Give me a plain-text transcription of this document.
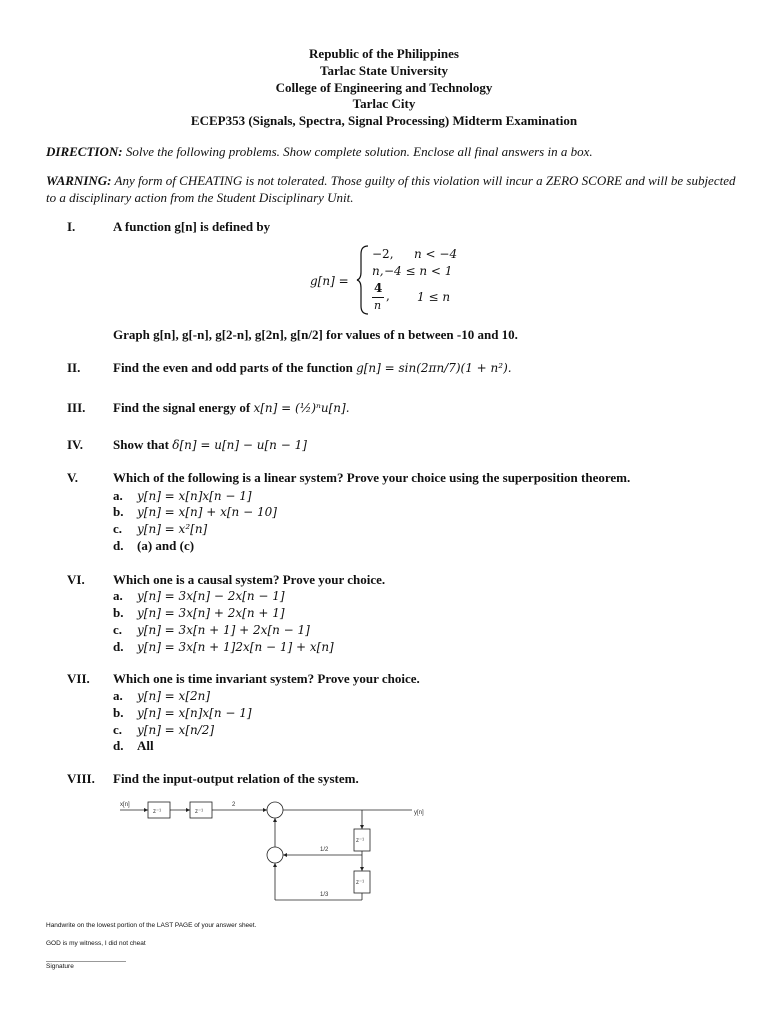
Republic of the Philippines
Tarlac State University
College of Engineering and Technology
Tarlac City
ECEP353 (Signals, Spectra, Signal Processing) Midterm Examination
DIRECTION: Solve the following problems. Show complete solution. Enclose all final answers in a box.
WARNING: Any form of CHEATING is not tolerated. Those guilty of this violation will incur a ZERO SCORE and will be subjected to a disciplinary action from the Student Disciplinary Unit.
I.	A function g[n] is defined by
g[n] =
−2, n < −4
n, −4 ≤ n < 1
4
n
, 1 ≤ n
Graph g[n], g[-n], g[2-n], g[2n], g[n/2] for values of n between -10 and 10.
II.	Find the even and odd parts of the function g[n] = sin(2πn/7)(1 + n²).
III. Find the signal energy of x[n] = (½)ⁿu[n].
IV. Show that δ[n] = u[n] − u[n − 1]
V.	Which of the following is a linear system? Prove your choice using the superposition theorem.
a. y[n] = x[n]x[n − 1]
b. y[n] = x[n] + x[n − 10]
c. y[n] = x²[n]
d. (a) and (c)
VI. Which one is a causal system? Prove your choice.
a. y[n] = 3x[n] − 2x[n − 1]
b. y[n] = 3x[n] + 2x[n + 1]
c. y[n] = 3x[n + 1] + 2x[n − 1]
d. y[n] = 3x[n + 1]2x[n − 1] + x[n]
VII. Which one is time invariant system? Prove your choice.
a. y[n] = x[2n]
b. y[n] = x[n]x[n − 1]
c. y[n] = x[n/2]
d. All
VIII. Find the input-output relation of the system.
x[n]
y[n]
z⁻¹	z⁻¹
z⁻¹
z⁻¹
2
1/2
1/3
Handwrite on the lowest portion of the LAST PAGE of your answer sheet.
GOD is my witness, I did not cheat
Signature
